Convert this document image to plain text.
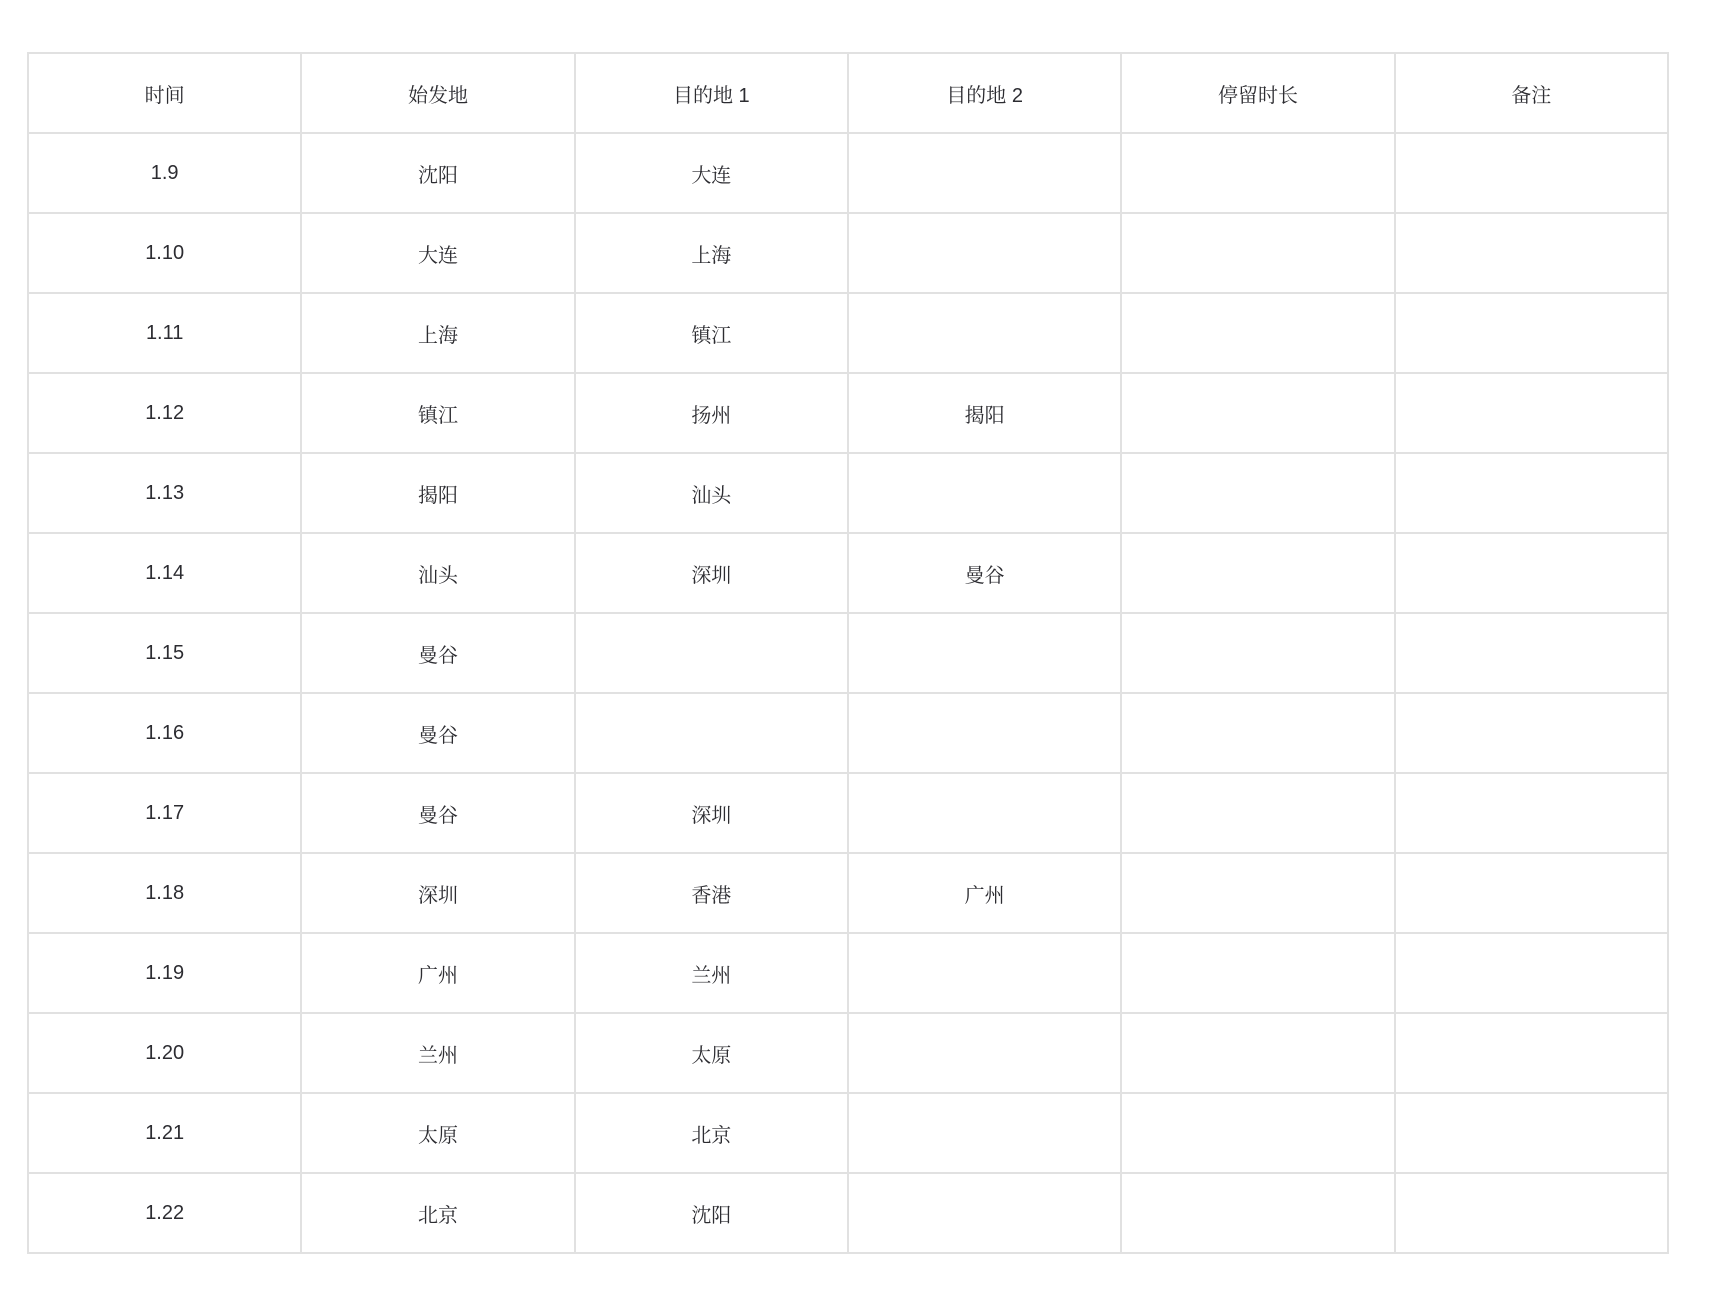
时间	始发地	目的地 1	目的地 2	停留时长	备注
1.9	沈阳	大连			
1.10	大连	上海			
1.11	上海	镇江			
1.12	镇江	扬州	揭阳		
1.13	揭阳	汕头			
1.14	汕头	深圳	曼谷		
1.15	曼谷				
1.16	曼谷				
1.17	曼谷	深圳			
1.18	深圳	香港	广州		
1.19	广州	兰州			
1.20	兰州	太原			
1.21	太原	北京			
1.22	北京	沈阳			
